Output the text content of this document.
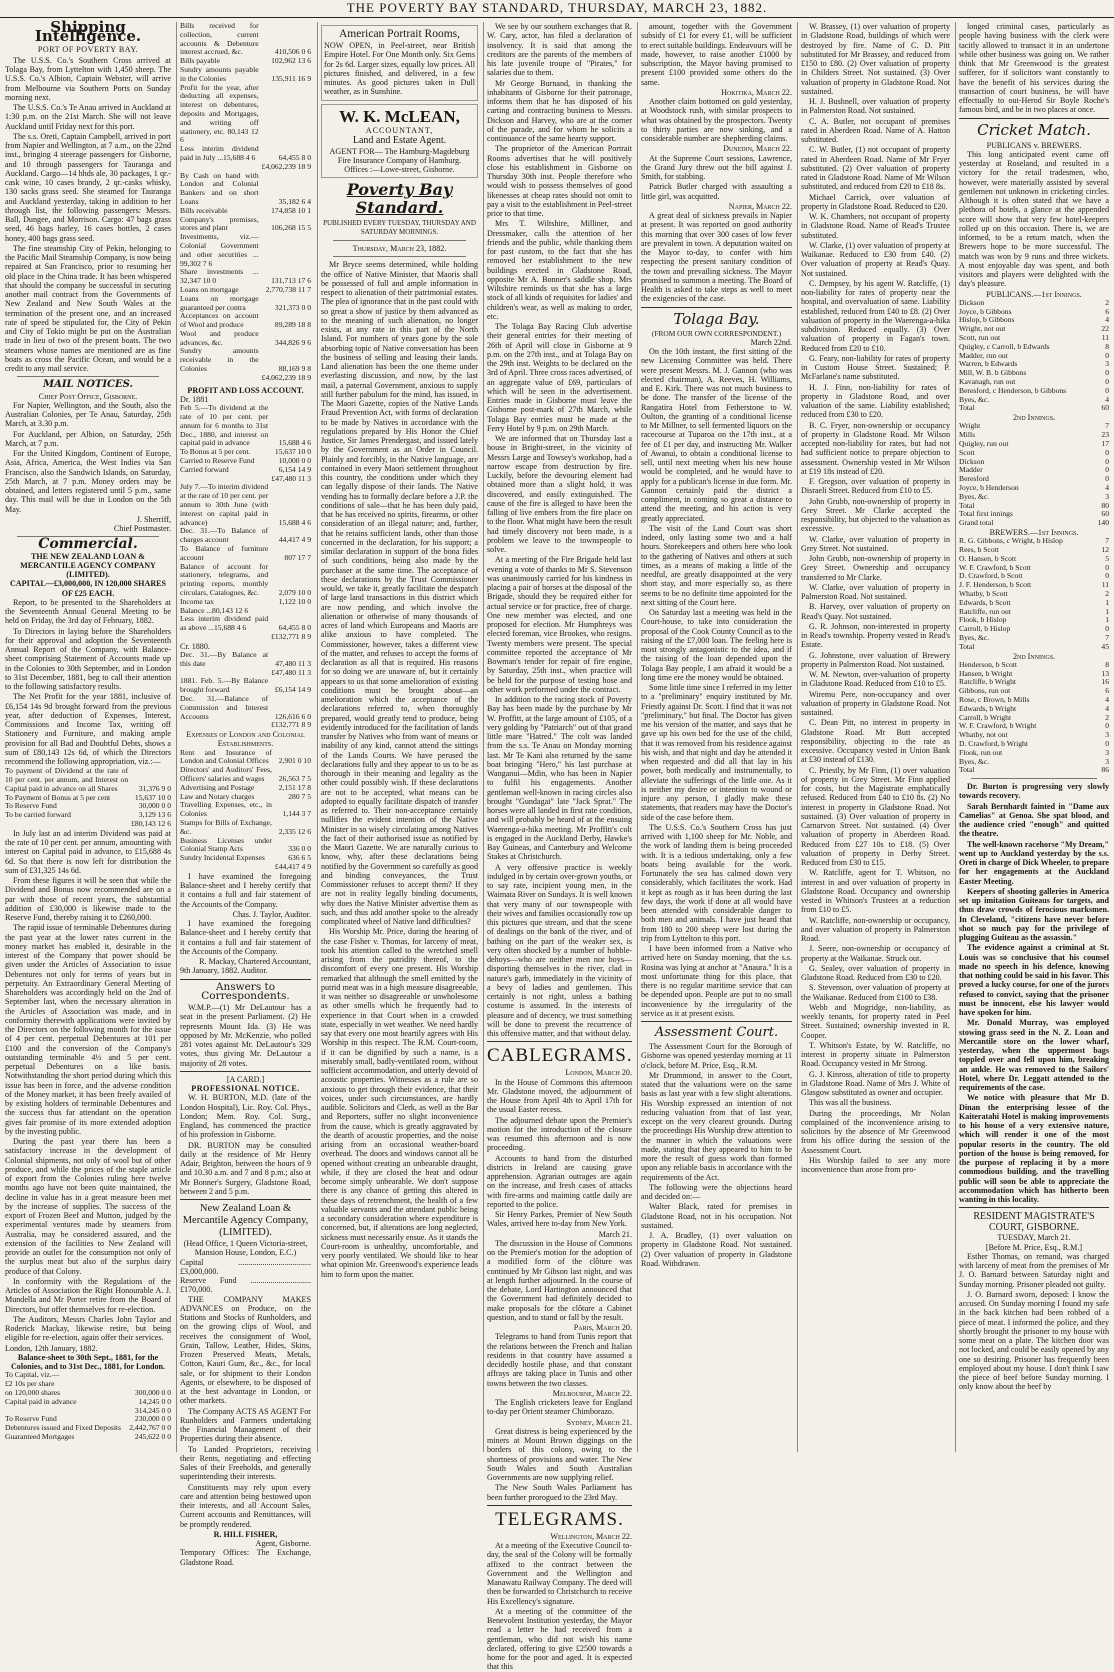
THE POVERTY BAY STANDARD, THURSDAY, MARCH 23, 1882.
Shipping Intelligence.
PORT OF POVERTY BAY.

The U.S.S. Co.'s Southern Cross arrived at Tolaga Bay, from Lyttelton with 1,450 sheep. The U.S.S. Co.'s Albion, Captain Webster, will arrive from Melbourne via Southern Ports on Sunday morning next.

The U.S.S. Co.'s Te Anau arrived in Auckland at 1:30 p.m. on the 21st March. She will not leave Auckland until Friday next for this port.

The s.s. Oreti, Captain Campbell, arrived in port from Napier and Wellington, at 7 a.m., on the 22nd inst., bringing 4 steerage passengers for Gisborne, and 10 through passengers for Tauranga and Auckland. Cargo—14 hhds ale, 30 packages, 1 qr.-cask wine, 10 cases brandy, 2 qr.-casks whisky, 130 sacks grass seed. She steamed for Tauranga and Auckland yesterday, taking in addition to her through list, the following passengers: Messrs. Ball, Dungee, and Morrison. Cargo: 47 bags grass seed, 46 bags barley, 16 cases bottles, 2 cases honey, 400 bags grass seed.

The fine steamship City of Pekin, belonging to the Pacific Mail Steamship Company, is now being repaired at San Francisco, prior to resuming her old place in the China trade. It has been whispered that should the company be successful in securing another mail contract from the Governments of New Zealand and New South Wales at the termination of the present one, and an increased rate of speed be stipulated for, the City of Pekin and City of Tokio might be put on the Australian trade in lieu of two of the present boats. The two steamers whose names are mentioned are as fine boats as cross the Pacific Ocean, and would be a credit to any mail service.

MAIL NOTICES.
Chief Post Office, Gisborne.

For Napier, Wellington, and the South, also the Australian Colonies, per Te Anau, Saturday, 25th March, at 3.30 p.m.

For Auckland, per Albion, on Saturday, 25th March, at 7 p.m.

For the United Kingdom, Continent of Europe, Asia, Africa, America, the West Indies via San Francisco, also the Sandwich Islands, on Saturday, 25th March, at 7 p.m. Money orders may be obtained, and letters registered until 5 p.m., same day. This mail will be due in London on the 5th May.

J. Sherriff,
Chief Postmaster.
Commercial.
THE NEW ZEALAND LOAN & MERCANTILE AGENCY COMPANY (LIMITED).
CAPITAL—£3,000,000, IN 120,000 SHARES OF £25 EACH.

Report, to be presented to the Shareholders at the Seventeenth Annual General Meeting to be held on Friday, the 3rd day of February, 1882.

To Directors in laying before the Shareholders for their approval and adoption the Seventeenth Annual Report of the Company, with Balance-sheet comprising Statement of Accounts made up in the Colonies to 30th September, and in London to 31st December, 1881, beg to call their attention to the following satisfactory results.

The Net Profit for the year 1881, inclusive of £6,154 14s 9d brought forward from the previous year, after deduction of Expenses, Interest, Commissions and Income Tax, writing off Stationery and Furniture, and making ample provision for all Bad and Doubtful Debts, shows a sum of £80,143 12s 6d, of which the Directors recommend the following appropriation, viz.:—

To payment of Dividend at the rate of 10 per cent. per annum, and Interest on Capital paid in advance on all Shares	31,376 9 0
To Payment of Bonus at 5 per cent	15,637 10 0
To Reserve Fund	30,000 0 0
To be carried forward	3,129 13 6
	£80,143 12 6

In July last an ad interim Dividend was paid at the rate of 10 per cent. per annum, amounting with interest on Capital paid in advance, to £15,688 4s 6d. So that there is now left for distribution the sum of £31,325 14s 6d.

From these figures it will be seen that while the Dividend and Bonus now recommended are on a par with those of recent years, the substantial addition of £30,000 is likewise made to the Reserve Fund, thereby raising it to £260,000.

The rapid issue of terminable Debentures during the past year at the lower rates current in the money market has enabled it, desirable in the interest of the Company that power should be given under the Articles of Association to issue Debentures not only for terms of years but in perpetuity. An Extraordinary General Meeting of Shareholders was accordingly held on the 2nd of September last, when the necessary alteration in the Articles of Association was made, and in conformity therewith applications were invited by the Directors on the following month for the issue of 4 per cent. perpetual Debentures at 101 per £100 and the conversion of the Company's outstanding terminable 4½ and 5 per cent. perpetual Debentures on a like basis. Notwithstanding the short period during which this issue has been in force, and the adverse condition of the Money market, it has been freely availed of by existing holders of terminable Debentures and the success thus far attendant on the operation gives fair promise of its more extended adoption by the investing public.

During the past year there has been a satisfactory increase in the development of Colonial shipments, not only of wool but of other produce, and while the prices of the staple article of export from the Colonies ruling here twelve months ago have not been quite maintained, the decline in value has in a great measure been met by the increase of supplies. The success of the export of Frozen Beef and Mutton, judged by the experimental ventures made by steamers from Australia, may be considered assured, and the extension of the facilities to New Zealand will provide an outlet for the consumption not only of the surplus meat but also of the surplus dairy produce of that Colony.

In conformity with the Regulations of the Articles of Association the Right Honourable A. J. Mundella and Mr Porter retire from the Board of Directors, but offer themselves for re-election.

The Auditors, Messrs Charles John Taylor and Roderick Mackay, likewise retire, but being eligible for re-election, again offer their services.

London, 12th January, 1882.
Balance-sheet to 30th Sept., 1881, for the Colonies, and to 31st Dec., 1881, for London.
To Capital, viz.—	
£2 10s per share	
on 120,000 shares	300,000 0 0
Capital paid in advance	14,245 0 0
	314,245 0 0
To Reserve Fund	230,000 0 0
Debentures issued and Fixed Deposits	2,442,767 0 0
Guaranteed Mortgages	245,622 0 0
Bills received for collection, current accounts & Debenture interest accrued, &c.	410,506 0 6
Bills payable	102,962 13 6
Sundry amounts payable in the Colonies	135,911 16 9
Profit for the year, after deducting all expenses, interest on debentures, deposits and Mortgages, and writing off stationery, etc. 80,143 12 6	
Less interim dividend paid in July ...15,688 4 6	64,455 8 0
	£4,062,239 18 9
By Cash on hand with London and Colonial Bankers and on short Loans	35,182 6 4
Bills receivable	174,858 10 1
Company's premises, stores and plant	106,268 15 5
Investments, viz.— Colonial Government and other securities ... 99,302 7 6	
Share investments ... 32,347 10 0	131,713 17 6
Loans on mortgage	2,770,738 11 7
Loans on mortgage guaranteed per contra	321,373 0 0
Acceptances on account of Wool and produce	89,289 18 8
Wool and produce advances, &c.	344,826 9 6
Sundry amounts receivable in the Colonies	88,169 9 8
	£4,062,239 18 9
PROFIT AND LOSS ACCOUNT.
Dr. 1881
Feb 5.—To dividend at the rate of 10 per cent. per annum for 6 months to 31st Dec., 1880, and interest on capital paid in advance	15,688 4 6
To Bonus at 5 per cent.	15,637 10 0
Carried to Reserve Fund	10,000 0 0
Carried forward	6,154 14 9
	£47,480 11 3
July 7.—To interim dividend at the rate of 10 per cent. per annum to 30th June (with interest on capital paid in advance)	15,688 4 6
Dec. 31.—To Balance of charges account	44,417 4 9
To Balance of furniture account	807 17 7
Balance of account for stationery, telegrams, and printing reports, monthly circulars, Catalogues, &c.	2,079 10 0
Income tax	1,122 10 0
Balance ...80,143 12 6	
Less interim dividend paid as above ...15,688 4 6	64,455 8 0
	£132,771 8 9
Cr. 1880.
Dec. 31.—By Balance at this date	47,480 11 3
	£47,480 11 3
1881. Feb. 5.—By Balance brought forward	£6,154 14 9
Dec. 31.—Balance of Commission and Interest Accounts	126,616 6 0
	£132,771 8 9
Expenses of London and Colonial Establishments.
Rent and Insurance of London and Colonial Offices	2,901 0 10
Directors' and Auditors' Fees, Officers' salaries and wages	26,563 7 5
Advertising and Postage	2,151 17 8
Law and Notary charges	280 7 5
Travelling Expenses, etc., in Colonies	1,144 3 7
Stamps for Bills of Exchange, &c.	2,335 12 6
Business Licenses under Colonial Stamp Acts	336 0 0
Sundry Incidental Expenses	636 6 5
	£44,417 4 9

I have examined the foregoing Balance-sheet and I hereby certify that it contains a full and fair statement of the Accounts of the Company.

Chas. J. Taylor, Auditor.

I have examined the foregoing Balance-sheet and I hereby certify that it contains a full and fair statement of the Accounts of the Company.

R. Mackay, Chartered Accountant,
9th January, 1882. Auditor.
Answers to Correspondents.

W.M.P.—(1) Mr DeLautour has a seat in the present Parliament. (2) He represents Mount Ida. (3) He was opposed by Mr. McKenzie, who polled 281 votes against Mr. DeLautour's 329 votes, thus giving Mr. DeLautour a majority of 28 votes.

[A CARD.]
PROFESSIONAL NOTICE.

W. H. BURTON, M.D. (late of the London Hospital), Lic. Roy. Col. Phys., London; Mem. Roy. Col. Surg., England, has commenced the practice of his profession in Gisborne.

DR. BURTON may be consulted daily at the residence of Mr Henry Adair, Brighton, between the hours of 9 and 10.30 a.m. and 7 and 8 p.m.; also at Mr Bonner's Surgery, Gladstone Road, between 2 and 5 p.m.

New Zealand Loan & Mercantile Agency Company, (LIMITED).
(Head Office, 1 Queen Victoria-street, Mansion House, London, E.C.)
Capital ....................................£3,000,000.
Reserve Fund ..............................£170,000.

THE COMPANY MAKES ADVANCES on Produce, on the Stations and Stocks of Runholders, and on the growing clips of Wool, and receives the consignment of Wool, Grain, Tallow, Leather, Hides, Skins, Frozen Preserved Meats, Metals, Cotton, Kauri Gum, &c., &c., for local sale, or for shipment to their London Agents, or elsewhere, to be disposed of at the best advantage in London, or other markets.

The Company ACTS AS AGENT For Runholders and Farmers undertaking the Financial Management of their Properties during their absence.

To Landed Proprietors, receiving their Rents, negotiating and effecting Sales of their Freeholds, and generally superintending their interests.

Constituents may rely upon every care and attention being bestowed upon their interests, and all Account Sales, Current accounts and Remittances, will be promptly rendered.

R. HILL FISHER,
Agent, Gisborne.
Temporary Offices: The Exchange, Gladstone Road.
American Portrait Rooms,

NOW OPEN, in Peel-street, near British Empire Hotel. For One Month only. Six Gems for 2s 6d. Larger sizes, equally low prices. All pictures finished, and delivered, in a few minutes. As good pictures taken in Dull weather, as in Sunshine.

W. K. McLEAN,
ACCOUNTANT,
Land and Estate Agent.
AGENT FOR— The Hamburg-Magdeburg Fire Insurance Company of Hamburg.
Offices :—Lowe-street, Gisborne.
Poverty Bay Standard.
PUBLISHED EVERY TUESDAY, THURSDAY AND SATURDAY MORNINGS.
Thursday, March 23, 1882.

Mr Bryce seems determined, while holding the office of Native Minister, that Maoris shall be possessed of full and ample information in respect to alienation of their patrimonial estates. The plea of ignorance that in the past could with so great a show of justice by them advanced as to the meaning of such alienation, no longer exists, at any rate in this part of the North Island. For numbers of years gone by the sole absorbing topic of Native conversation has been the business of selling and leasing their lands. Land alienation has been the one theme under everlasting discussion, and now, by the last mail, a paternal Government, anxious to supply still further pabulum for the mind, has issued, in The Maori Gazette, copies of the Native Lands Fraud Prevention Act, with forms of declaration to be made by Natives in accordance with the regulations prepared by His Honor the Chief Justice, Sir James Prendergast, and issued lately by the Government as an Order in Council. Plainly and forcibly, in the Native language, are contained in every Maori settlement throughout this country, the conditions under which they can legally dispose of their lands. The Native vending has to formally declare before a J.P. the conditions of sale—that he has been duly paid, that he has received no spirits, firearms, or other consideration of an illegal nature; and, further, that he retains sufficient lands, other than those concerned in the declaration, for his support; a similar declaration in support of the bona fides of such conditions, being also made by the purchaser at the same time. The acceptance of these declarations by the Trust Commissioner would, we take it, greatly facilitate the despatch of large land transactions in this district which are now pending, and which involve the alienation or otherwise of many thousands of acres of land which Europeans and Maoris are alike anxious to have completed. The Commissioner, however, takes a different view of the matter, and refuses to accept the forms of declaration as all that is required. His reasons for so doing we are unaware of, but it certainly appears to us that some amelioration of existing conditions must be brought about—an amelioration which the acceptance of the declarations referred to, when thoroughly prepared, would greatly tend to produce, being evidently introduced for the facilitation of lands transfer by Natives who from want of means or inability of any kind, cannot attend the sittings of the Lands Courts. We have perused the declarations fully and they appear to us to be as thorough in their meaning and legality as the other could possibly wish. If these declarations are not to be accepted, what means can be adopted to equally facilitate dispatch of transfer as referred to. Their non-acceptance certainly nullifies the evident intention of the Native Minister in so wisely circulating among Natives the fact of their authorised issue as notified by the Maori Gazette. We are naturally curious to know, why, after these declarations being notified by the Government so carefully as good and binding conveyances, the Trust Commissioner refuses to accept them? If they are not in reality legally binding documents, why does the Native Minister advertise them as such, and thus add another spoke to the already complicated wheel of Native land difficulties?

His Worship Mr. Price, during the hearing of the case Fisher v. Thomas, for larceny of meat, took his attention called to the wretched smell arising from the putridity thereof, to the discomfort of every one present. His Worship remarked that although the smell emitted by the putrid meat was in a high measure disagreeable, it was neither so disagreeable or unwholesome as other smells which he frequently had to experience in that Court when in a crowded state, especially in wet weather. We need hardly say that every one most heartily agrees with His Worship in this respect. The R.M. Court-room, if it can be dignified by such a name, is a miserably small, badly-ventilated room, without sufficient accommodation, and utterly devoid of acoustic properties. Witnesses as a rule are so anxious to get through their evidence, that their voices, under such circumstances, are hardly audible. Solicitors and Clerk, as well as the Bar and Reporters, suffer no slight inconvenience from the cause, which is greatly aggravated by the dearth of acoustic properties, and the noise arising from an occasional weather-board overhead. The doors and windows cannot all be opened without creating an unbearable draught, while, if they are closed the heat and odour become simply unbearable. We don't suppose there is any chance of getting this altered in these days of retrenchment, the health of a few valuable servants and the attendant public being a secondary consideration where expenditure is concerned, but, if alterations are long neglected, sickness must necessarily ensue. As it stands the Court-room is unhealthy, uncomfortable, and very poorly ventilated. We should like to hear what opinion Mr. Greenwood's experience leads him to form upon the matter.

We see by our southern exchanges that R. W. Cary, actor, has filed a declaration of insolvency. It is said that among the creditors are the parents of the members of his late juvenile troupe of "Pirates," for salaries due to them.

Mr George Burnand, in thanking the inhabitants of Gisborne for their patronage, informs them that he has disposed of his carting and contracting business to Messrs. Dickson and Harvey, who are at the corner of the parade, and for whom he solicits a continuance of the same hearty support.

The proprietor of the American Portrait Rooms advertises that he will positively close his establishment in Gisborne on Thursday 30th inst. People therefore who would wish to possess themselves of good likenesses at cheap rates should not omit to pay a visit to the establishment in Peel-street prior to that time.

Mrs T. Wiltshire, Milliner, and Dressmaker, calls the attention of her friends and the public, while thanking them for past custom, to the fact that she has removed her establishment to the new buildings erected in Gladstone Road, opposite Mr A. Bonner's saddle shop. Mrs Wiltshire reminds us that she has a large stock of all kinds of requisites for ladies' and children's wear, as well as making to order, etc.

The Tolaga Bay Racing Club advertise their general entries for their meeting of 26th of April will close in Gisborne at 9 p.m. on the 27th inst., and at Tolaga Bay on the 29th inst. Weights to be declared on the 3rd of April. Three cross races advertised, of an aggregate value of £69, particulars of which will be seen in the advertisement. Entries made in Gisborne must leave the Gisborne post-mark of 27th March, while Tolaga Bay entries must be made at the Ferry Hotel by 9 p.m. on 29th March.

We are informed that on Thursday last a house in Bright-street, in the vicinity of Messrs Large and Towsey's workshop, had a narrow escape from destruction by fire. Luckily, before the devouring element had obtained more than a slight hold, it was discovered, and easily extinguished. The cause of the fire is alleged to have been the falling of live embers from the fire place on to the floor. What might have been the result had timely discovery not been made, is a problem we leave to the townspeople to solve.

At a meeting of the Fire Brigade held last evening a vote of thanks to Mr S. Stevenson was unanimously carried for his kindness in placing a pair of horses at the disposal of the Brigade, should they be required either for actual service or for practice, free of charge. One new member was elected, and one proposed for election. Mr Humphreys was elected foreman, vice Brookes, who resigns. Twenty members were present. The special committee reported the acceptance of Mr Bowman's tender for repair of fire engine, by Saturday, 25th inst., when practice will be held for the purpose of testing hose and other work performed under the contract.

In addition to the racing stock of Poverty Bay has been made by the purchase by Mr W. Proffitt, at the large amount of £105, of a very golding by "Patriarch" out of that grand little mare "Hatred." The colt was landed from the s.s. Te Anau on Monday morning last. Mr Te Kani also returned by the same boat bringing "Hero," his last purchase at Wanganui—Mdin, who has been in Napier to fulfil his engagements. Another gentleman well-known in racing circles also brought "Gundagai" late "Jack Sprat." The horses were all landed in first rate condition, and will probably be heard of at the ensuing Waerenga-a-hika meeting. Mr Proffitt's colt is engaged in the Auckland Derby, Hawke's Bay Guineas, and Canterbury and Welcome Stakes at Christchurch.

A very offensive practice is weekly indulged in by certain over-grown youths, or to say rate, incipient young men, in the Waimata River on Sundays. It is well known that very many of our townspeople with their wives and families occasionally row up this pictures que stream, and that the scene of dealings on the bank of the river, and of bathing on the part of the weaker sex, is very often shocked by a number of hobble-dehoys—who are neither men nor boys—disporting themselves in the river, clad in nature's garb, immediately in the vicinity of a bevy of ladies and gentlemen. This certainly is not right, unless a bathing costume is assumed. In the interests of pleasure and of decency, we trust something will be done to prevent the recurrence of this offensive matter, and that without delay.

CABLEGRAMS.
London, March 20.

In the House of Commons this afternoon Mr. Gladstone moved, the adjournment of the House from April 4th to April 17th for the usual Easter recess.

The adjourned debate upon the Premier's motion for the introduction of the closure was resumed this afternoon and is now proceeding.

Accounts to hand from the disturbed districts in Ireland are causing grave apprehension. Agrarian outrages are again on the increase, and fresh cases of attacks with fire-arms and maiming cattle daily are reported to the police.

Sir Henry Parkes, Premier of New South Wales, arrived here to-day from New York.

March 21.

The discussion in the House of Commons on the Premier's motion for the adoption of a modified form of the clôture was continued by Mr Gibson last night, and was at length further adjourned. In the course of the debate, Lord Hartington announced that the Government had definitely decided to make proposals for the clôture a Cabinet question, and to stand or fall by the result.

Paris, March 20.

Telegrams to hand from Tunis report that the relations between the French and Italian residents in that country have assumed a decidedly hostile phase, and that constant affrays are taking place in Tunis and other towns between the two classes.

Melbourne, March 22.

The English cricketers leave for England to-day per Orient steamer Chimborazo.

Sydney, March 21.

Great distress is being experienced by the miners at Mount Brown diggings on the borders of this colony, owing to the shortness of provisions and water. The New South Wales and South Australian Governments are now supplying relief.

The New South Wales Parliament has been further prorogued to the 23rd May.

TELEGRAMS.
Wellington, March 22.

At a meeting of the Executive Council to-day, the seal of the Colony will be formally affixed to the contract between the Government and the Wellington and Manawatu Railway Company. The deed will then be forwarded to Christchurch to receive His Excellency's signature.

At a meeting of the committee of the Benevolent Institution yesterday, the Mayor read a letter he had received from a gentleman, who did not wish his name declared, offering to give £2500 towards a home for the poor and aged. It is expected that this

amount, together with the Government subsidy of £1 for every £1, will be sufficient to erect suitable buildings. Endeavours will be made, however, to raise another £1000 by subscription, the Mayor having promised to present £100 provided some others do the same.

Hokitika, March 22.

Another claim bottomed on gold yesterday, at Woodstock rush, with similar prospects to what was obtained by the prospectors. Twenty to thirty parties are now sinking, and a considerable number are shepherding claims.

Dunedin, March 22.

At the Supreme Court sessions, Lawrence, the Grand Jury threw out the bill against J. Smith, for stabbing.

Patrick Butler charged with assaulting a little girl, was acquitted.

Napier, March 22.

A great deal of sickness prevails in Napier at present. It was reported on good authority this morning that over 300 cases of low fever are prevalent in town. A deputation waited on the Mayor to-day, to confer with him respecting the present sanitary condition of the town and prevailing sickness. The Mayor promised to summon a meeting. The Board of Health is asked to take steps as well to meet the exigencies of the case.

Tolaga Bay.
(FROM OUR OWN CORRESPONDENT.)
March 22nd.

On the 10th instant, the first sitting of the new Licensing Committee was held. There were present Messrs. M. J. Gannon (who was elected chairman), A. Reeves, H. Williams, and E. Kirk. There was not much business to be done. The transfer of the license of the Rangatira Hotel from Fetherstone to W. Oulton, the granting of a conditional license to Mr Millner, to sell fermented liquors on the racecourse at Tuparoa on the 17th inst., at a fee of £1 per day, and instructing Mr. Walker of Awanui, to obtain a conditional license to sell, until next meeting when his new house would be completed, and he would have to apply for a publican's license in due form. Mr. Gannon certainly paid the district a compliment, in coming so great a distance to attend the meeting, and his action is very greatly appreciated.

The visit of the Land Court was short indeed, only lasting some two and a half hours. Storekeepers and others here who look to the gathering of Natives and others at such times, as a means of making a little of the needful, are greatly disappointed at the very short stay, and more especially so, as there seems to be no definite time appointed for the next sitting of the Court here.

On Saturday last a meeting was held in the Court-house, to take into consideration the proposal of the Cook County Council as to the raising of the £7,000 loan. The feeling here is most strongly antagonistic to the idea, and if the raising of the loan depended upon the Tolaga Bay people, I am afraid it would be a long time ere the money would be obtained.

Some little time since I referred in my letter to a "preliminary" enquiry instituted by Mr. Friestly against Dr. Scott. I find that it was not "preliminary," but final. The Doctor has given me his version of the matter, and says that he gave up his own bed for the use of the child, that it was removed from his residence against his wish, and that night and day he attended it when requested and did all that lay in his power, both medically and instrumentally, to alleviate the sufferings of the little one. As it is neither my desire or intention to wound or injure any person, I gladly make these statements, that readers may have the Doctor's side of the case before them.

The U.S.S. Co.'s Southern Cross has just arrived with 1,100 sheep for Mr. Noble, and the work of landing them is being proceeded with. It is a tedious undertaking, only a few boats being available for the work. Fortunately the sea has calmed down very considerably, which facilitates the work. Had it kept as rough as it has been during the last few days, the work if done at all would have been attended with considerable danger to both men and animals. I have just heard that from 180 to 200 sheep were lost during the trip from Lyttelton to this port.

I have been informed from a Native who arrived here on Sunday morning, that the s.s. Rosina was lying at anchor at "Anaura." It is a most unfortunate thing for this place, that there is no regular maritime service that can be depended upon. People are put to no small inconvenience by the irregularity of the service as it at present exists.

Assessment Court.

The Assessment Court for the Borough of Gisborne was opened yesterday morning at 11 o'clock, before M. Price, Esq., R.M.

Mr Drummond, in answer to the Court, stated that the valuations were on the same basis as last year with a few slight alterations. His Worship expressed an intention of not reducing valuation from that of last year, except on the very clearest grounds. During the proceedings His Worship drew attention to the manner in which the valuations were made, stating that they appeared to him to be more the result of guess work than formed upon any reliable basis in accordance with the requirements of the Act.

The following were the objections heard and decided on:—

Walter Black, rated for premises in Gladstone Road, not in his occupation. Not sustained.

J. A. Bradley, (1) over valuation on property in Gladstone Road. Not sustained. (2) Over valuation of property in Gladstone Road. Withdrawn.

W. Brassey, (1) over valuation of property in Gladstone Road, buildings of which were destroyed by fire. Name of C. D. Pitt substituted for Mr Brassey, and reduced from £150 to £80. (2) Over valuation of property in Childers Street. Not sustained. (3) Over valuation of property in Gladstone Road. Not sustained.

H. J. Bushnell, over valuation of property in Palmerston Road. Not sustained.

C. A. Butler, not occupant of premises rated in Aberdeen Road. Name of A. Hatton substituted.

C. W. Butler, (1) not occupant of property rated in Aberdeen Road. Name of Mr Fryer substituted. (2) Over valuation of property rated in Gladstone Road. Name of Mr Wilson substituted, and reduced from £20 to £18 8s.

Michael Carrick, over valuation of property in Gladstone Road. Reduced to £20.

W. K. Chambers, not occupant of property in Gladstone Road. Name of Read's Trustee substituted.

W. Clarke, (1) over valuation of property at Waikanae. Reduced to £30 from £40. (2) Over valuation of property at Read's Quay. Not sustained.

C. Dempsey, by his agent W. Ratcliffe, (1) non-liability for rates of property near the hospital, and overvaluation of same. Liability established, reduced from £40 to £8. (2) Over valuation of property in the Waerenga-a-hika subdivision. Reduced equally. (3) Over valuation of property in Fagan's town. Reduced from £20 to £10.

G. Feary, non-liability for rates of property in Custom House Street. Sustained; P. McFarlane's name substituted.

H. J. Finn, non-liability for rates of property in Gladstone Road, and over valuation of the same. Liability established; reduced from £30 to £20.

B. C. Fryer, non-ownership or occupancy of property in Gladstone Road. Mr Wilson accepted non-liability for rates, but had not had sufficient notice to prepare objection to assessment. Ownership vested in Mr Wilson at £19 18s instead of £20.

F. Gregson, over valuation of property in Disraeli Street. Reduced from £10 to £5.

John Grubb, non-ownership of property in Grey Street. Mr Clarke accepted the responsibility, but objected to the valuation as excessive.

W. Clarke, over valuation of property in Grey Street. Not sustained.

John Grubb, non-ownership of property in Grey Street. Ownership and occupancy transferred to Mr Clarke.

W. Clarke, over valuation of property in Palmerston Road. Not sustained.

B. Harvey, over valuation of property on Read's Quay. Not sustained.

G. R. Johnson, non-interested in property in Read's township. Property vested in Read's Estate.

G. Johnstone, over valuation of Brewery property in Palmerston Road. Not sustained.

W. M. Newton, over-valuation of property in Gladstone Road. Reduced from £10 to £5.

Wiremu Pere, non-occupancy and over valuation of property in Gladstone Road. Not sustained.

C. Dean Pitt, no interest in property in Gladstone Road. Mr Butt accepted responsibility, objecting to the rate as excessive. Occupancy vested in Union Bank at £30 instead of £130.

C. Priestly, by Mr Finn, (1) over valuation of property in Grey Street. Mr Finn applied for costs, but the Magistrate emphatically refused. Reduced from £40 to £10 8s. (2) No interest in property in Gladstone Road. Not sustained. (3) Over valuation of property in Carnarvon Street. Not sustained. (4) Over valuation of property in Aberdeen Road. Reduced from £27 10s to £18. (5) Over valuation of property in Derby Street. Reduced from £30 to £15.

W. Ratcliffe, agent for T. Whitson, no interest in and over valuation of property in Gladstone Road. Occupancy and ownership vested in Whitson's Trustees at a reduction from £10 to £5.

W. Ratcliffe, non-ownership or occupancy, and over valuation of property in Palmerston Road.

J. Seere, non-ownership or occupancy of property at the Waikanae. Struck out.

G. Sealey, over valuation of property in Gladstone Road. Reduced from £30 to £20.

S. Stevenson, over valuation of property at the Waikanae. Reduced from £100 to £38.

Webb and Mogridge, non-liability, as weekly tenants, for property rated in Peel Street. Sustained; ownership invested in R. Cooper.

T. Whitson's Estate, by W. Ratcliffe, no interest in property situate in Palmerston Road. Occupancy vested in Mr Strong.

G. J. Kinross, alteration of title to property in Gladstone Road. Name of Mrs J. White of Glasgow substituted as owner and occupier.

This was all the business.

During the proceedings, Mr Nolan complained of the inconvenience arising to solicitors by the absence of Mr Greenwood from his office during the session of the Assessment Court.

His Worship failed to see any more inconvenience than arose from pro-

longed criminal cases, particularly as people having business with the clerk were tacitly allowed to transact it in an undertone while other business was going on. We rather think that Mr Greenwood is the greatest sufferer, for if solicitors want constantly to have the benefit of his services during the transaction of court business, he will have effectually to out-Herod Sir Boyle Roche's famous bird, and be in two places at once.

Cricket Match.
PUBLICANS v. BREWERS.

This long anticipated event came off yesterday at Roseland, and resulted in a victory for the retail tradesmen, who, however, were materially assisted by several gentlemen not unknown in cricketing circles. Although it is often stated that we have a plethora of hotels, a glance at the appended score will show that very few hotel-keepers rolled up on this occasion. There is, we are informed, to be a return match, when the Brewers hope to be more successful. The match was won by 9 runs and three wickets. A most enjoyable day was spent, and both visitors and players were delighted with the day's pleasure.

PUBLICANS.—1st Innings.
Dickson	2
Joyce, b Gibbons	6
Hislop, b Gibbons	4
Wright, not out	22
Scott, run out	11
Quigley, c Carroll, b Edwards	8
Madder, run out	0
Warren, b Edwards	3
Mill, W. B. b Gibbons	0
Kavanagh, run out	0
Beresford, c Henderson, b Gibbons	0
Byes, &c.	4
Total	60
2nd Innings.
Wright	7
Mills	23
Quigley, run out	17
Scott	0
Dickson	0
Madder	0
Beresford	0
Joyce, b Henderson	4
Byes, &c.	3
Total	80
Total first innings	60
Grand total	140
BREWERS.—1st Innings.
R. G. Gibbons, c Wright, b Hislop	7
Rees, b Scott	12
O. Hansen, b Scott	5
W. F. Crawford, b Scott	0
D. Crawford, b Scott	0
J. F. Henderson, b Scott	11
Whatby, b Scott	2
Edwards, b Scott	1
Ratcliffe, run out	1
Flook, b Hislop	1
Carroll, b Hislop	0
Byes, &c.	7
Total	45
2nd Innings.
Henderson, b Scott	8
Hansen, b Wright	13
Ratcliffe, b Wright	16
Gibbons, run out	6
Rose, c Brown, b Mills	4
Edwards, b Wright	4
Carroll, b Wright	2
W. F. Crawford, b Wright	0
Whatby, not out	3
D. Crawford, b Wright	0
Flook, run out	3
Byes, &c.	3
Total	86

Dr. Burton is progressing very slowly towards recovery.

Sarah Bernhardt fainted in "Dame aux Camelias" at Genoa. She spat blood, and the audience cried "enough" and quitted the theatre.

The well-known racehorse "My Dream," went up to Auckland yesterday by the s.s. Oreti in charge of Dick Wheeler, to prepare for her engagements at the Auckland Easter Meeting.

Keepers of shooting galleries in America set up imitation Guiteaus for targets, and thus draw crowds of ferocious marksmen. In Cleveland, "citizens have never before shot so much pay for the privilege of plugging Guiteau as the assassin."

The evidence against a criminal at St. Louis was so conclusive that his counsel made no speech in his defence, knowing that nothing could be said in his favor. This proved a lucky course, for one of the jurors refused to convict, saying that the prisoner must be innocent, else his lawyer would have spoken for him.

Mr. Donald Murray, was employed stowing grass seed in the N. Z. Loan and Mercantile store on the lower wharf, yesterday, when the uppermost bags toppled over and fell upon him, breaking an ankle. He was removed to the Sailors' Hotel, where Dr. Leggatt attended to the requirements of the case.

We notice with pleasure that Mr D. Dinan the enterprising lessee of the Kaiteratahi Hotel is making improvements to his house of a very extensive nature, which will render it one of the most popular resorts in the country. The old portion of the house is being removed, for the purpose of replacing it by a more commodious building, and the travelling public will soon be able to appreciate the accommodation which has hitherto been wanting in this locality.

RESIDENT MAGISTRATE'S COURT, GISBORNE.
TUESDAY, March 21.
[Before M. Price, Esq., R.M.]

Esther Thomas, on remand, was charged with larceny of meat from the premises of Mr J. O. Barnard between Saturday night and Sunday morning. Prisoner pleaded not guilty.

J. O. Barnard sworn, deposed: I know the accused. On Sunday morning I found my safe in the back kitchen had been robbed of a piece of meat. I informed the police, and they shortly brought the prisoner to my house with some meat on a plate. The kitchen door was not locked, and could be easily opened by any one so desiring. Prisoner has frequently been employed about my house. I don't think I saw the piece of beef before Sunday morning. I only know about the beef by
